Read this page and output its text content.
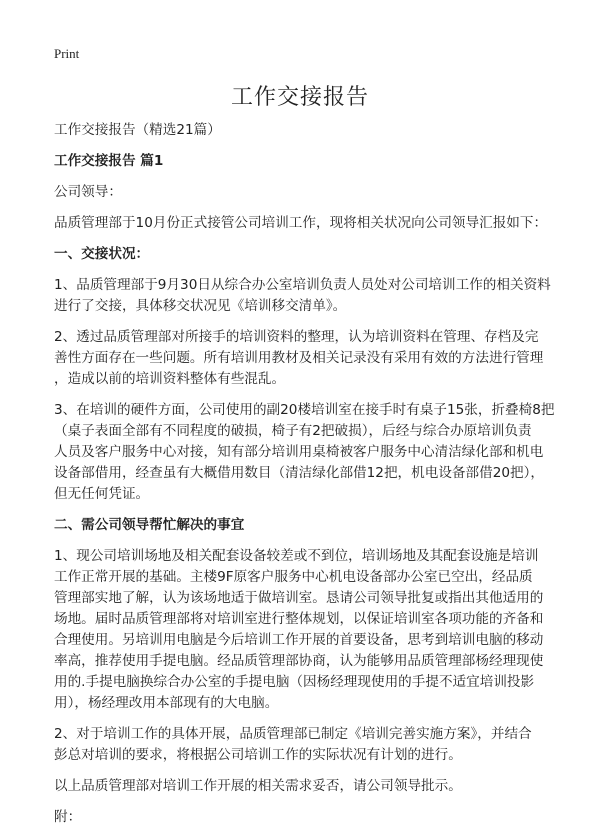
Print
工作交接报告

工作交接报告（精选21篇）

工作交接报告 篇1

公司领导：

品质管理部于10月份正式接管公司培训工作，现将相关状况向公司领导汇报如下：

一、交接状况：

1、品质管理部于9月30日从综合办公室培训负责人员处对公司培训工作的相关资料
进行了交接，具体移交状况见《培训移交清单》。

2、透过品质管理部对所接手的培训资料的整理，认为培训资料在管理、存档及完
善性方面存在一些问题。所有培训用教材及相关记录没有采用有效的方法进行管理
，造成以前的培训资料整体有些混乱。

3、在培训的硬件方面，公司使用的副20楼培训室在接手时有桌子15张，折叠椅8把
（桌子表面全部有不同程度的破损，椅子有2把破损），后经与综合办原培训负责
人员及客户服务中心对接，知有部分培训用桌椅被客户服务中心清洁绿化部和机电
设备部借用，经查虽有大概借用数目（清洁绿化部借12把，机电设备部借20把），
但无任何凭证。

二、需公司领导帮忙解决的事宜

1、现公司培训场地及相关配套设备较差或不到位，培训场地及其配套设施是培训
工作正常开展的基础。主楼9F原客户服务中心机电设备部办公室已空出，经品质
管理部实地了解，认为该场地适于做培训室。恳请公司领导批复或指出其他适用的
场地。届时品质管理部将对培训室进行整体规划，以保证培训室各项功能的齐备和
合理使用。另培训用电脑是今后培训工作开展的首要设备，思考到培训电脑的移动
率高，推荐使用手提电脑。经品质管理部协商，认为能够用品质管理部杨经理现使
用的.手提电脑换综合办公室的手提电脑（因杨经理现使用的手提不适宜培训投影
用），杨经理改用本部现有的大电脑。

2、对于培训工作的具体开展，品质管理部已制定《培训完善实施方案》，并结合
彭总对培训的要求，将根据公司培训工作的实际状况有计划的进行。

以上品质管理部对培训工作开展的相关需求妥否，请公司领导批示。

附：
